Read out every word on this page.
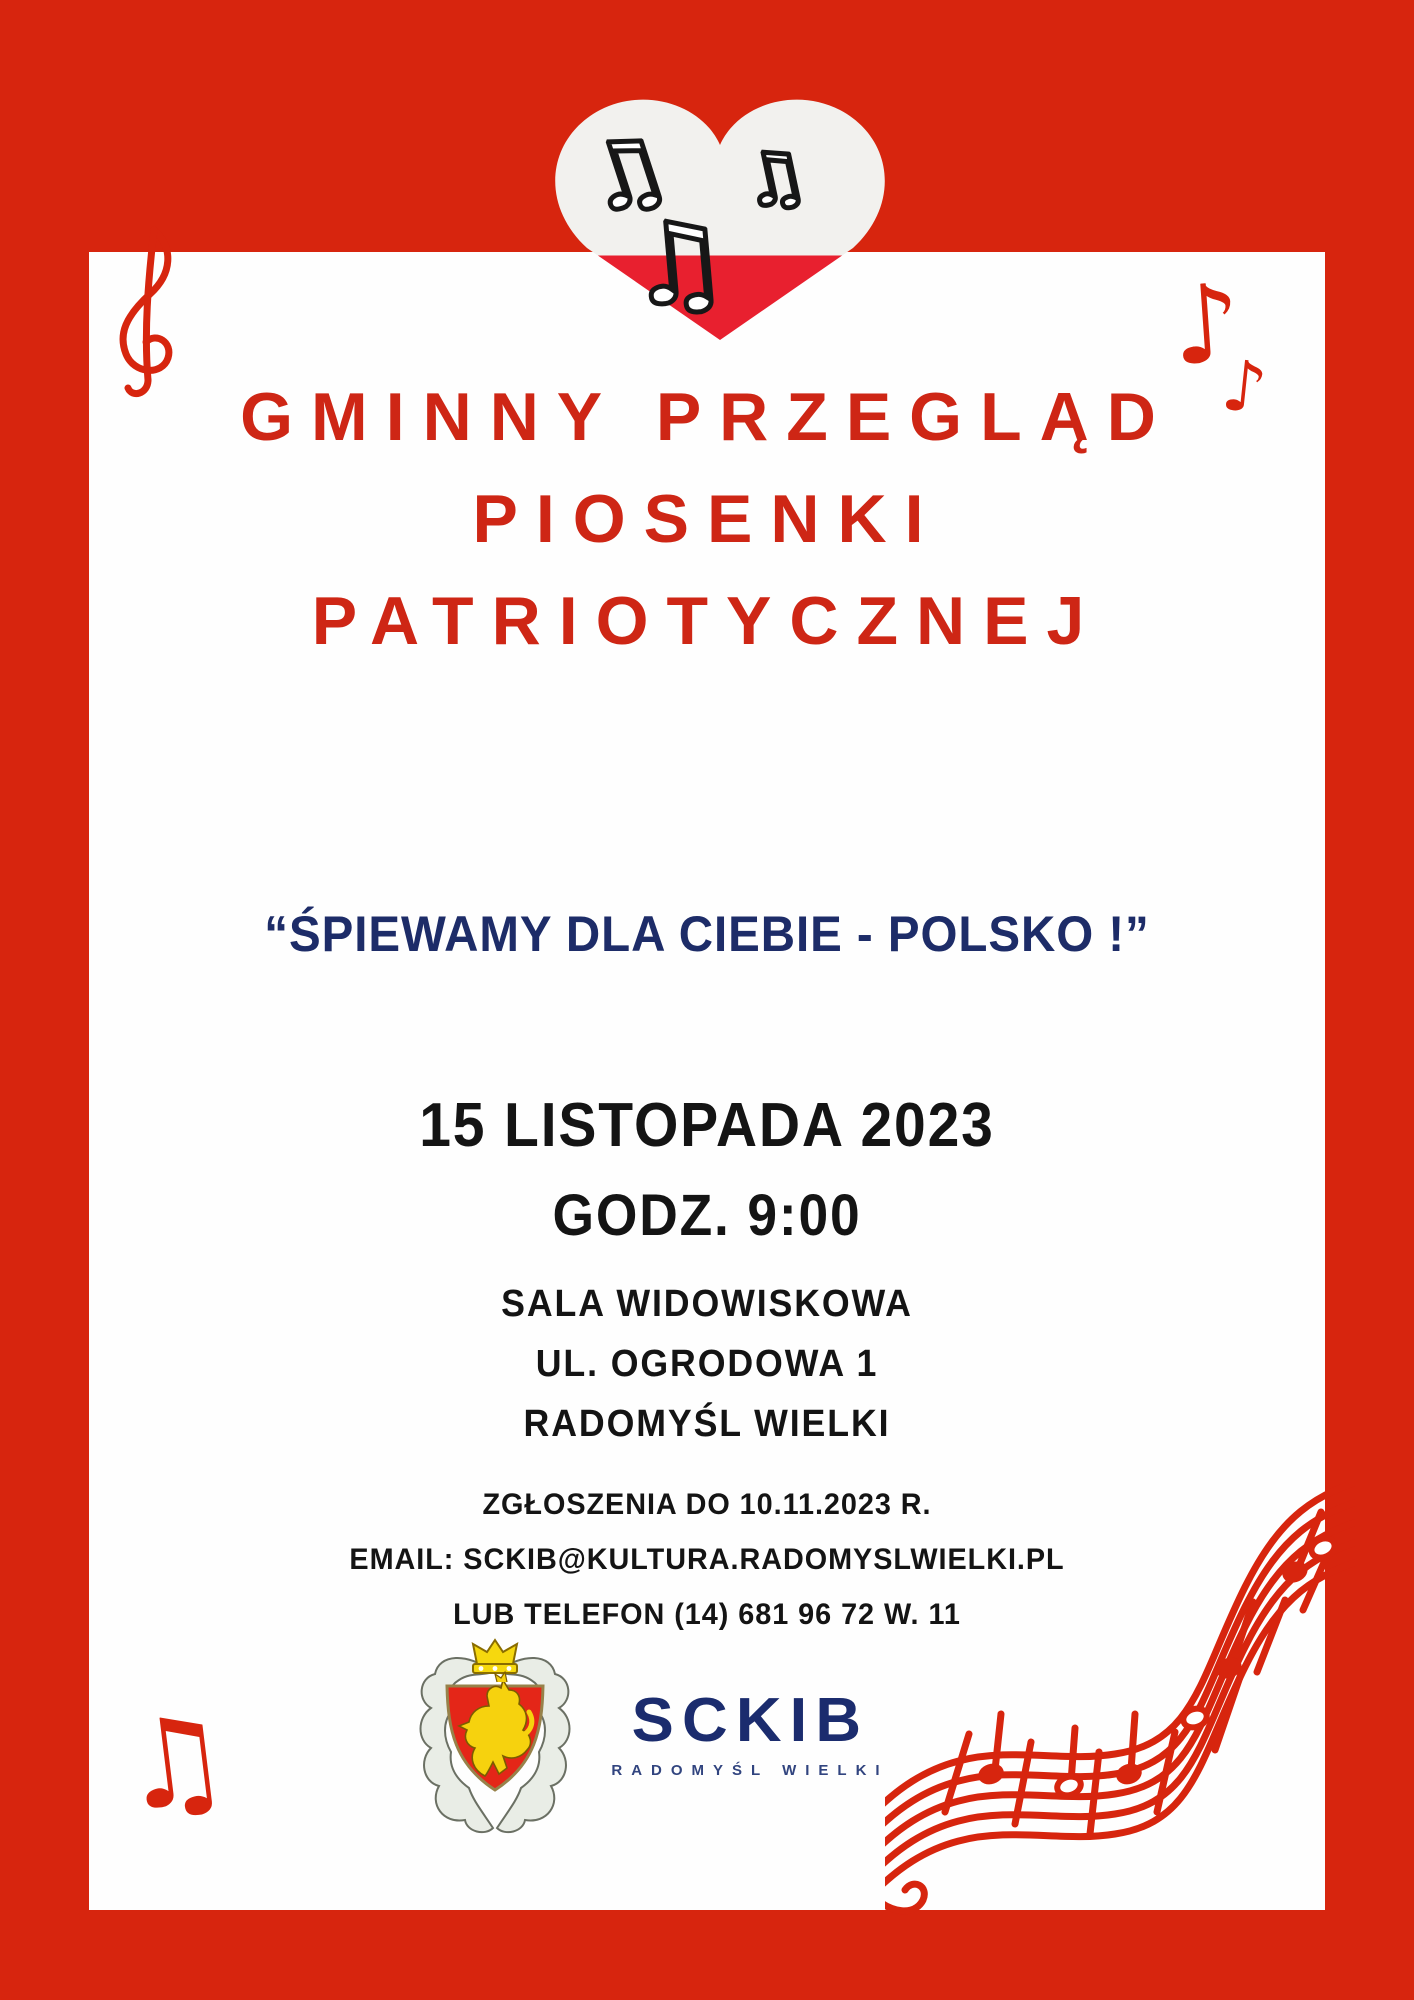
♫ ♫
♫	♪
♪
GMINNY PRZEGLĄD
PIOSENKI
PATRIOTYCZNEJ
“ŚPIEWAMY DLA CIEBIE - POLSKO !”
15 LISTOPADA 2023
GODZ. 9:00
SALA WIDOWISKOWA
UL. OGRODOWA 1
RADOMYŚL WIELKI
ZGŁOSZENIA DO 10.11.2023 R.
EMAIL: SCKIB@KULTURA.RADOMYSLWIELKI.PL
LUB TELEFON (14) 681 96 72 W. 11
SCKIB
RADOMYŚL WIELKI
♫
